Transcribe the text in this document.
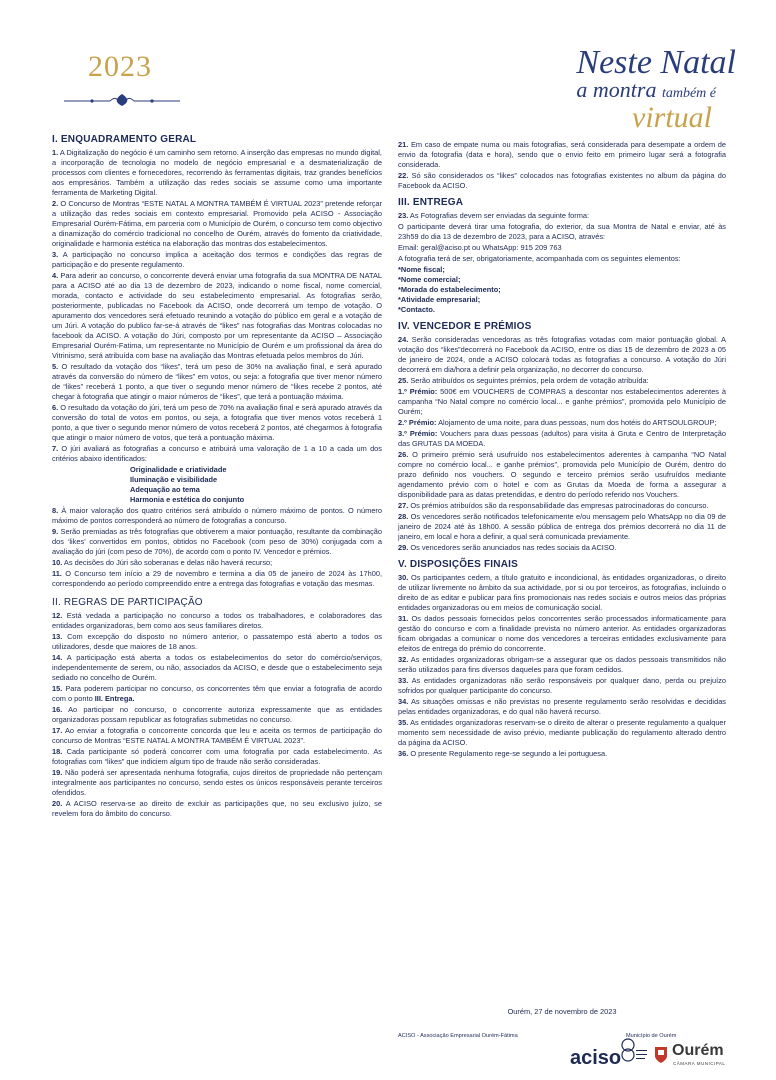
2023	Neste Natal
a montra também é
virtual
I. ENQUADRAMENTO GERAL

1. A Digitalização do negócio é um caminho sem retorno. A inserção das empresas no mundo digital, a incorporação de tecnologia no modelo de negócio empresarial e a desmaterialização de processos com clientes e fornecedores, recorrendo às ferramentas digitais, traz grandes benefícios aos empresários. Também a utilização das redes sociais se assume como uma importante ferramenta de Marketing Digital.

2. O Concurso de Montras “ESTE NATAL A MONTRA TAMBÉM É VIRTUAL 2023” pretende reforçar a utilização das redes sociais em contexto empresarial. Promovido pela ACISO - Associação Empresarial Ourém-Fátima, em parceria com o Município de Ourém, o concurso tem como objectivo a dinamização do comércio tradicional no concelho de Ourém, através do fomento da criatividade, originalidade e harmonia estética na elaboração das montras dos estabelecimentos.

3. A participação no concurso implica a aceitação dos termos e condições das regras de participação e do presente regulamento.

4. Para aderir ao concurso, o concorrente deverá enviar uma fotografia da sua MONTRA DE NATAL para a ACISO até ao dia 13 de dezembro de 2023, indicando o nome fiscal, nome comercial, morada, contacto e actividade do seu estabelecimento empresarial. As fotografias serão, posteriormente, publicadas no Facebook da ACISO, onde decorrerá um tempo de votação. O apuramento dos vencedores será efetuado reunindo a votação do público em geral e a votação de um Júri. A votação do publico far-se-á através de “likes” nas fotografias das Montras colocadas no facebook da ACISO. A votação do Júri, composto por um representante da ACISO – Associação Empresarial Ourém-Fatima, um representante no Município de Ourém e um profissional da área do Vitrinismo, será atribuída com base na avaliação das Montras efetuada pelos membros do Júri.

5. O resultado da votação dos “likes”, terá um peso de 30% na avaliação final, e será apurado através da conversão do número de “likes” em votos, ou seja: a fotografia que tiver menor número de “likes” receberá 1 ponto, a que tiver o segundo menor número de “likes recebe 2 pontos, até chegar à fotografia que atingir o maior números de “likes”, que terá a pontuação máxima.

6. O resultado da votação do júri, terá um peso de 70% na avaliação final e será apurado através da conversão do total de votos em pontos, ou seja, a fotografia que tiver menos votos receberá 1 ponto, a que tiver o segundo menor número de votos receberá 2 pontos, até chegarmos à fotografia que atingir o maior número de votos, que terá a pontuação máxima.

7. O júri avaliará as fotografias a concurso e atribuirá uma valoração de 1 a 10 a cada um dos critérios abaixo identificados:

Originalidade e criatividade
Iluminação e visibilidade
Adequação ao tema
Harmonia e estética do conjunto

8. À maior valoração dos quatro critérios será atribuído o número máximo de pontos. O número máximo de pontos corresponderá ao número de fotografias a concurso.

9. Serão premiadas as três fotografias que obtiverem a maior pontuação, resultante da combinação dos ‘likes’ convertidos em pontos, obtidos no Facebook (com peso de 30%) conjugada com a avaliação do júri (com peso de 70%), de acordo com o ponto IV. Vencedor e prémios.

10. As decisões do Júri são soberanas e delas não haverá recurso;

11. O Concurso tem início a 29 de novembro e termina a dia 05 de janeiro de 2024 às 17h00, correspondendo ao período compreendido entre a entrega das fotografias e votação das mesmas.

II. REGRAS DE PARTICIPAÇÃO

12. Está vedada a participação no concurso a todos os trabalhadores, e colaboradores das entidades organizadoras, bem como aos seus familiares diretos.

13. Com excepção do disposto no número anterior, o passatempo está aberto a todos os utilizadores, desde que maiores de 18 anos.

14. A participação está aberta a todos os estabelecimentos do setor do comércio/serviços, independentemente de serem, ou não, associados da ACISO, e desde que o estabelecimento seja sediado no concelho de Ourém.

15. Para poderem participar no concurso, os concorrentes têm que enviar a fotografia de acordo com o ponto III. Entrega.

16. Ao participar no concurso, o concorrente autoriza expressamente que as entidades organizadoras possam republicar as fotografias submetidas no concurso.

17. Ao enviar a fotografia o concorrente concorda que leu e aceita os termos de participação do concurso de Montras “ESTE NATAL A MONTRA TAMBÉM É VIRTUAL 2023”.

18. Cada participante só poderá concorrer com uma fotografia por cada estabelecimento. As fotografias com “likes” que indiciem algum tipo de fraude não serão consideradas.

19. Não poderá ser apresentada nenhuma fotografia, cujos direitos de propriedade não pertençam integralmente aos participantes no concurso, sendo estes os únicos responsáveis perante terceiros ofendidos.

20. A ACISO reserva-se ao direito de excluir as participações que, no seu exclusivo juízo, se revelem fora do âmbito do concurso.

21. Em caso de empate numa ou mais fotografias, será considerada para desempate a ordem de envio da fotografia (data e hora), sendo que o envio feito em primeiro lugar será a fotografia considerada.

22. Só são considerados os “likes” colocados nas fotografias existentes no album da página do Facebook da ACISO.

III. ENTREGA

23. As Fotografias devem ser enviadas da seguinte forma:

O participante deverá tirar uma fotografia, do exterior, da sua Montra de Natal e enviar, até às 23h59 do dia 13 de dezembro de 2023, para a ACISO, através:

Email: geral@aciso.pt ou WhatsApp: 915 209 763

A fotografia terá de ser, obrigatoriamente, acompanhada com os seguintes elementos:

*Nome fiscal;
*Nome comercial;
*Morada do estabelecimento;
*Atividade empresarial;
*Contacto.
IV. VENCEDOR E PRÉMIOS

24. Serão consideradas vencedoras as três fotografias votadas com maior pontuação global. A votação dos “likes”decorrerá no Facebook da ACISO, entre os dias 15 de dezembro de 2023 a 05 de janeiro de 2024, onde a ACISO colocará todas as fotografias a concurso. A votação do Júri decorrerá em dia/hora a definir pela organização, no decorrer do concurso.

25. Serão atribuídos os seguintes prémios, pela ordem de votação atribuída:

1.º Prémio: 500€ em VOUCHERS de COMPRAS a descontar nos estabelecimentos aderentes à campanha “No Natal compre no comércio local... e ganhe prémios”, promovida pelo Município de Ourém;

2.º Prémio: Alojamento de uma noite, para duas pessoas, num dos hotéis do ARTSOULGROUP;

3.º Prémio: Vouchers para duas pessoas (adultos) para visita à Gruta e Centro de Interpretação das GRUTAS DA MOEDA.

26. O primeiro prémio será usufruído nos estabelecimentos aderentes à campanha “NO Natal compre no comércio local... e ganhe prémios”, promovida pelo Município de Ourém, dentro do prazo definido nos vouchers. O segundo e terceiro prémios serão usufruídos mediante agendamento prévio com o hotel e com as Grutas da Moeda de forma a assegurar a disponibilidade para as datas pretendidas, e dentro do período referido nos Vouchers.

27. Os prémios atribuídos são da responsabilidade das empresas patrocinadoras do concurso.

28. Os vencedores serão notificados telefonicamente e/ou mensagem pelo WhatsApp no dia 09 de janeiro de 2024 até às 18h00. A sessão pública de entrega dos prémios decorrerá no dia 11 de janeiro, em local e hora a definir, a qual será comunicada previamente.

29. Os vencedores serão anunciados nas redes sociais da ACISO.

V. DISPOSIÇÕES FINAIS

30. Os participantes cedem, a título gratuito e incondicional, às entidades organizadoras, o direito de utilizar livremente no âmbito da sua actividade, por si ou por terceiros, as fotografias, incluindo o direito de as editar e publicar para fins promocionais nas redes sociais e outros meios das próprias entidades organizadoras ou em meios de comunicação social.

31. Os dados pessoais fornecidos pelos concorrentes serão processados informaticamente para gestão do concurso e com a finalidade prevista no número anterior. As entidades organizadoras ficam obrigadas a comunicar o nome dos vencedores a terceiras entidades exclusivamente para efeitos de entrega do prémio do concorrente.

32. As entidades organizadoras obrigam-se a assegurar que os dados pessoais transmitidos não serão utilizados para fins diversos daqueles para que foram cedidos.

33. As entidades organizadoras não serão responsáveis por qualquer dano, perda ou prejuízo sofridos por qualquer participante do concurso.

34. As situações omissas e não previstas no presente regulamento serão resolvidas e decididas pelas entidades organizadoras, e do qual não haverá recurso.

35. As entidades organizadoras reservam-se o direito de alterar o presente regulamento a qualquer momento sem necessidade de aviso prévio, mediante publicação do regulamento alterado dentro da página da ACISO.

36. O presente Regulamento rege-se segundo a lei portuguesa.

Ourém, 27 de novembro de 2023
ACISO - Associação Empresarial Ourém-Fátima	Município de Ourém
aciso	Ourém
CÂMARA MUNICIPAL
